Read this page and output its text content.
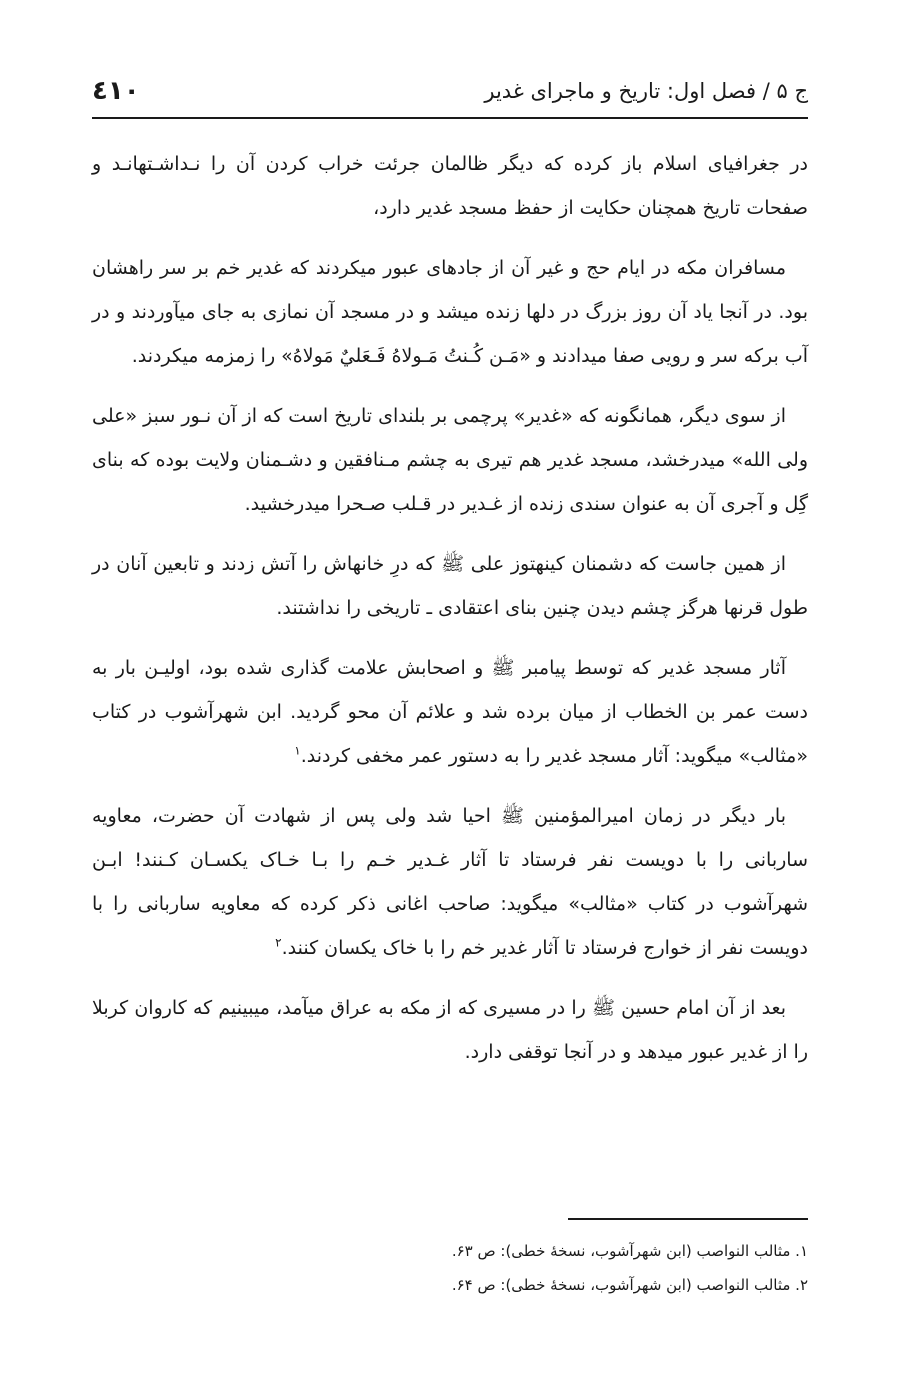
ج ۵ / فصل اول: تاريخ و ماجرای غدیر
٤١٠

در جغرافیای اسلام باز کرده که دیگر ظالمان جرئت خراب کردن آن را نـداشـتهانـد و صفحات تاریخ همچنان حکایت از حفظ مسجد غدیر دارد،

مسافران مکه در ایام حج و غیر آن از جادهای عبور میکردند که غدیر خم بر سر راهشان بود. در آنجا یاد آن روز بزرگ در دلها زنده میشد و در مسجد آن نمازی به جای میآوردند و در آب برکه سر و رویی صفا میدادند و «مَـن كُـنتُ مَـولاهُ فَـعَليٌ مَولاهُ» را زمزمه میکردند.

از سوی دیگر، همانگونه که «غدیر» پرچمی بر بلندای تاریخ است که از آن نـور سبز «علی ولی الله» میدرخشد، مسجد غدیر هم تیری به چشم مـنافقین و دشـمنان ولایت بوده که بنای گِل و آجری آن به عنوان سندی زنده از غـدیر در قـلب صـحرا میدرخشید.

از همین جاست که دشمنان کینهتوز علی ﷺ که درِ خانهاش را آتش زدند و تابعین آنان در طول قرنها هرگز چشم دیدن چنین بنای اعتقادی ـ تاریخی را نداشتند.

آثار مسجد غدیر که توسط پیامبر ﷺ و اصحابش علامت گذاری شده بود، اولیـن بار به دست عمر بن الخطاب از میان برده شد و علائم آن محو گردید. ابن شهرآشوب در کتاب «مثالب» میگوید: آثار مسجد غدیر را به دستور عمر مخفی کردند.$^١$

بار دیگر در زمان امیرالمؤمنین ﷺ احیا شد ولی پس از شهادت آن حضرت، معاویه ساربانی را با دویست نفر فرستاد تا آثار غـدیر خـم را بـا خـاک یکسـان کـنند! ابـن شهرآشوب در کتاب «مثالب» میگوید: صاحب اغانی ذکر کرده که معاویه ساربانی را با دویست نفر از خوارج فرستاد تا آثار غدیر خم را با خاک یکسان کنند.$^٢$

بعد از آن امام حسین ﷺ را در مسیری که از مکه به عراق میآمد، میبینیم که کاروان کربلا را از غدیر عبور میدهد و در آنجا توقفی دارد.

١. مثالب النواصب (ابن شهرآشوب، نسخهٔ خطی): ص ۶۳.
٢. مثالب النواصب (ابن شهرآشوب، نسخهٔ خطی): ص ۶۴.
